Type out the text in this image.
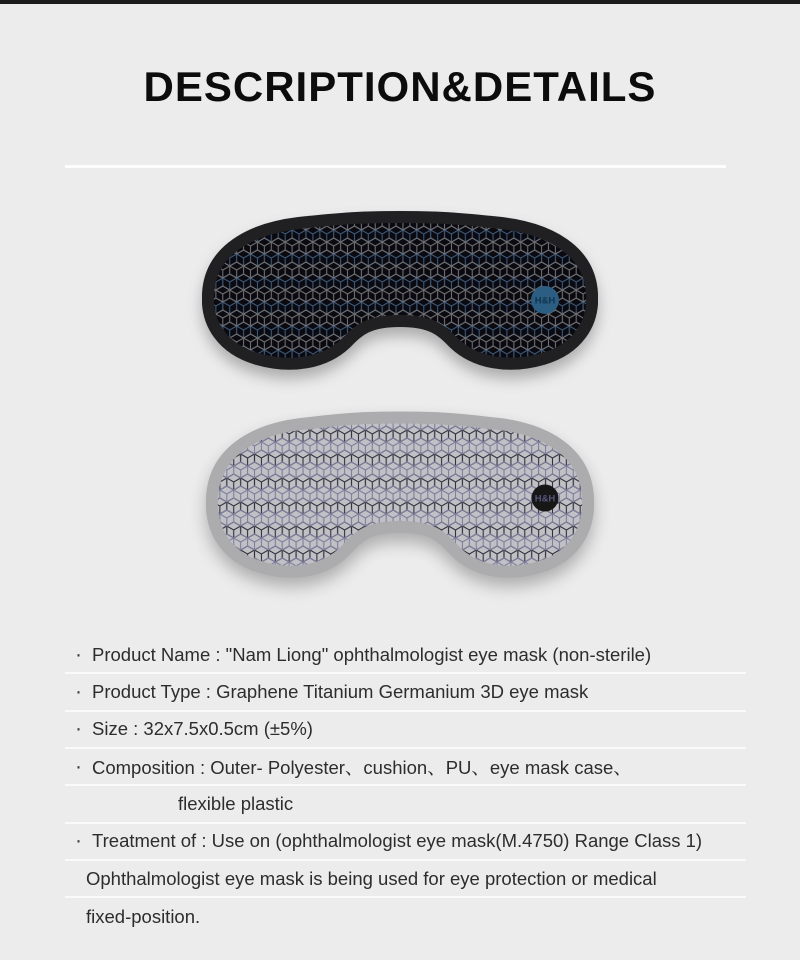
DESCRIPTION&DETAILS
H&H
H&H
· Product Name : "Nam Liong" ophthalmologist eye mask (non-sterile)
· Product Type : Graphene Titanium Germanium 3D eye mask
· Size : 32x7.5x0.5cm (±5%)
· Composition : Outer- Polyester、cushion、PU、eye mask case、
flexible plastic
· Treatment of : Use on (ophthalmologist eye mask(M.4750) Range Class 1)
Ophthalmologist eye mask is being used for eye protection or medical
fixed-position.
